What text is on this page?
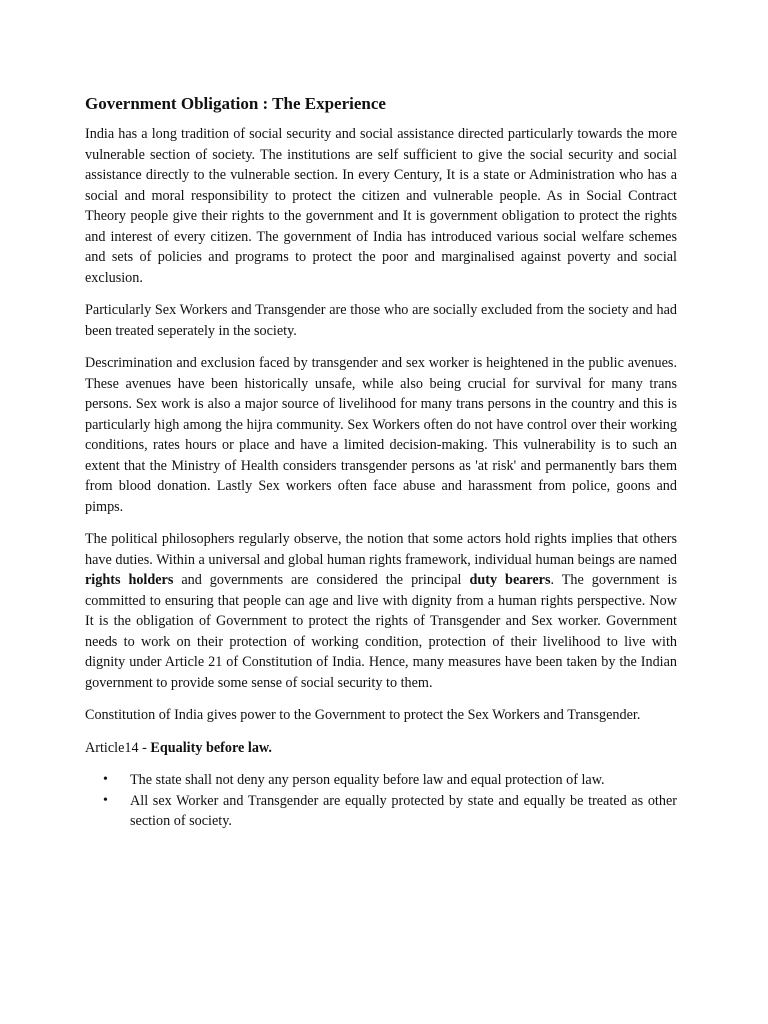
Government Obligation : The Experience

India has a long tradition of social security and social assistance directed particularly towards the more vulnerable section of society. The institutions are self sufficient to give the social security and social assistance directly to the vulnerable section. In every Century, It is a state or Administration who has a social and moral responsibility to protect the citizen and vulnerable people. As in Social Contract Theory people give their rights to the government and It is government obligation to protect the rights and interest of every citizen. The government of India has introduced various social welfare schemes and sets of policies and programs to protect the poor and marginalised against poverty and social exclusion.

Particularly Sex Workers and Transgender are those who are socially excluded from the society and had been treated seperately in the society.

Descrimination and exclusion faced by transgender and sex worker is heightened in the public avenues. These avenues have been historically unsafe, while also being crucial for survival for many trans persons. Sex work is also a major source of livelihood for many trans persons in the country and this is particularly high among the hijra community. Sex Workers often do not have control over their working conditions, rates hours or place and have a limited decision-making. This vulnerability is to such an extent that the Ministry of Health considers transgender persons as 'at risk' and permanently bars them from blood donation. Lastly Sex workers often face abuse and harassment from police, goons and pimps.

The political philosophers regularly observe, the notion that some actors hold rights implies that others have duties. Within a universal and global human rights framework, individual human beings are named rights holders and governments are considered the principal duty bearers. The government is committed to ensuring that people can age and live with dignity from a human rights perspective. Now It is the obligation of Government to protect the rights of Transgender and Sex worker. Government needs to work on their protection of working condition, protection of their livelihood to live with dignity under Article 21 of Constitution of India. Hence, many measures have been taken by the Indian government to provide some sense of social security to them.

Constitution of India gives power to the Government to protect the Sex Workers and Transgender.

Article14 - Equality before law.

• The state shall not deny any person equality before law and equal protection of law.
• All sex Worker and Transgender are equally protected by state and equally be treated as other section of society.
